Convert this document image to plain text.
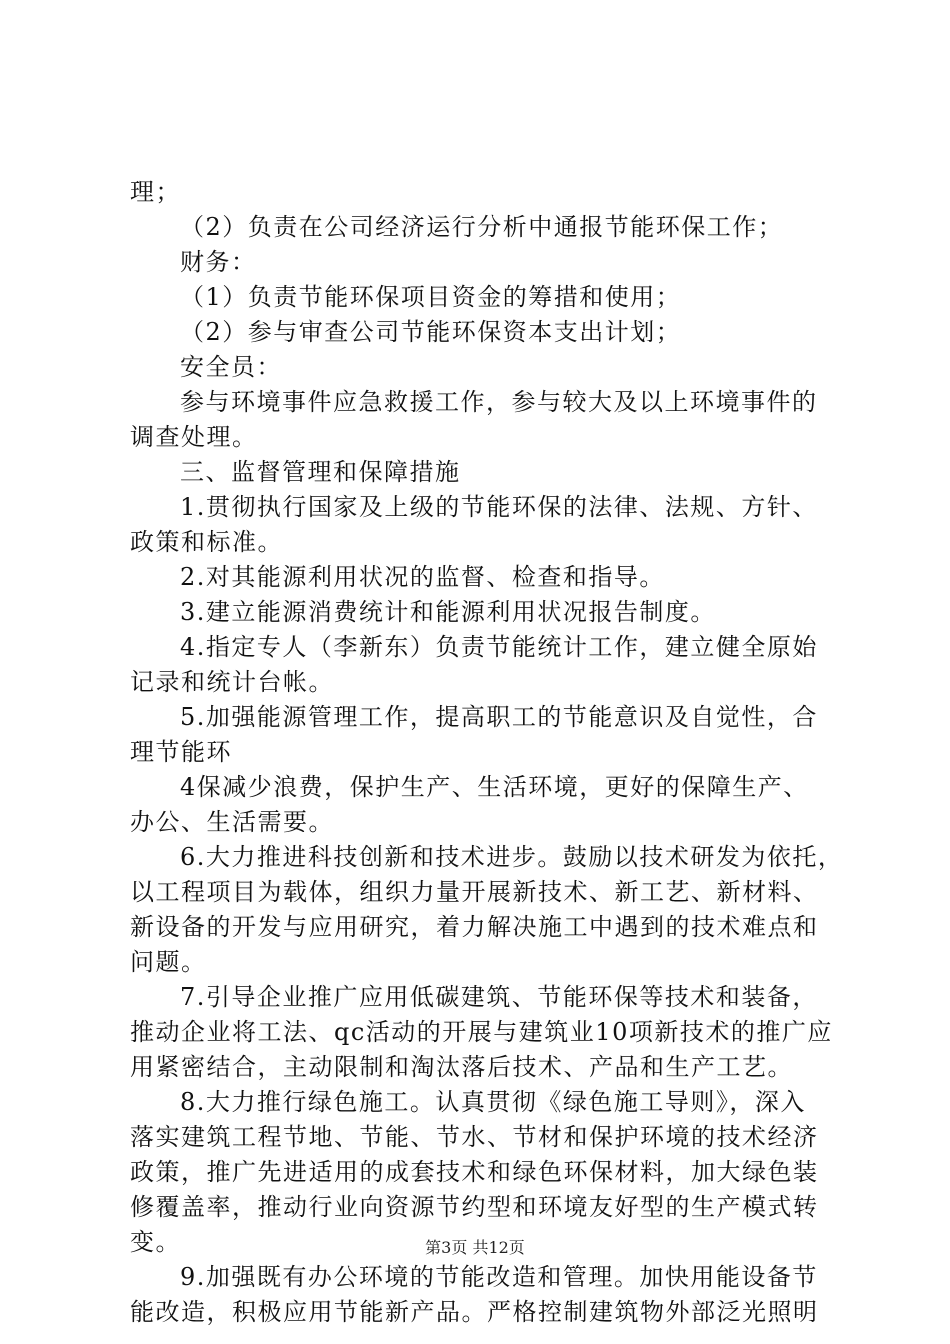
理；
（2）负责在公司经济运行分析中通报节能环保工作；
财务：
（1）负责节能环保项目资金的筹措和使用；
（2）参与审查公司节能环保资本支出计划；
安全员：
参与环境事件应急救援工作，参与较大及以上环境事件的
调查处理。
三、监督管理和保障措施
1.贯彻执行国家及上级的节能环保的法律、法规、方针、
政策和标准。
2.对其能源利用状况的监督、检查和指导。
3.建立能源消费统计和能源利用状况报告制度。
4.指定专人（李新东）负责节能统计工作，建立健全原始
记录和统计台帐。
5.加强能源管理工作，提高职工的节能意识及自觉性，合
理节能环
4保减少浪费，保护生产、生活环境，更好的保障生产、
办公、生活需要。
6.大力推进科技创新和技术进步。鼓励以技术研发为依托，
以工程项目为载体，组织力量开展新技术、新工艺、新材料、
新设备的开发与应用研究，着力解决施工中遇到的技术难点和
问题。
7.引导企业推广应用低碳建筑、节能环保等技术和装备，
推动企业将工法、qc活动的开展与建筑业10项新技术的推广应
用紧密结合，主动限制和淘汰落后技术、产品和生产工艺。
8.大力推行绿色施工。认真贯彻《绿色施工导则》，深入
落实建筑工程节地、节能、节水、节材和保护环境的技术经济
政策，推广先进适用的成套技术和绿色环保材料，加大绿色装
修覆盖率，推动行业向资源节约型和环境友好型的生产模式转
变。
9.加强既有办公环境的节能改造和管理。加快用能设备节
能改造，积极应用节能新产品。严格控制建筑物外部泛光照明
第3页 共12页
